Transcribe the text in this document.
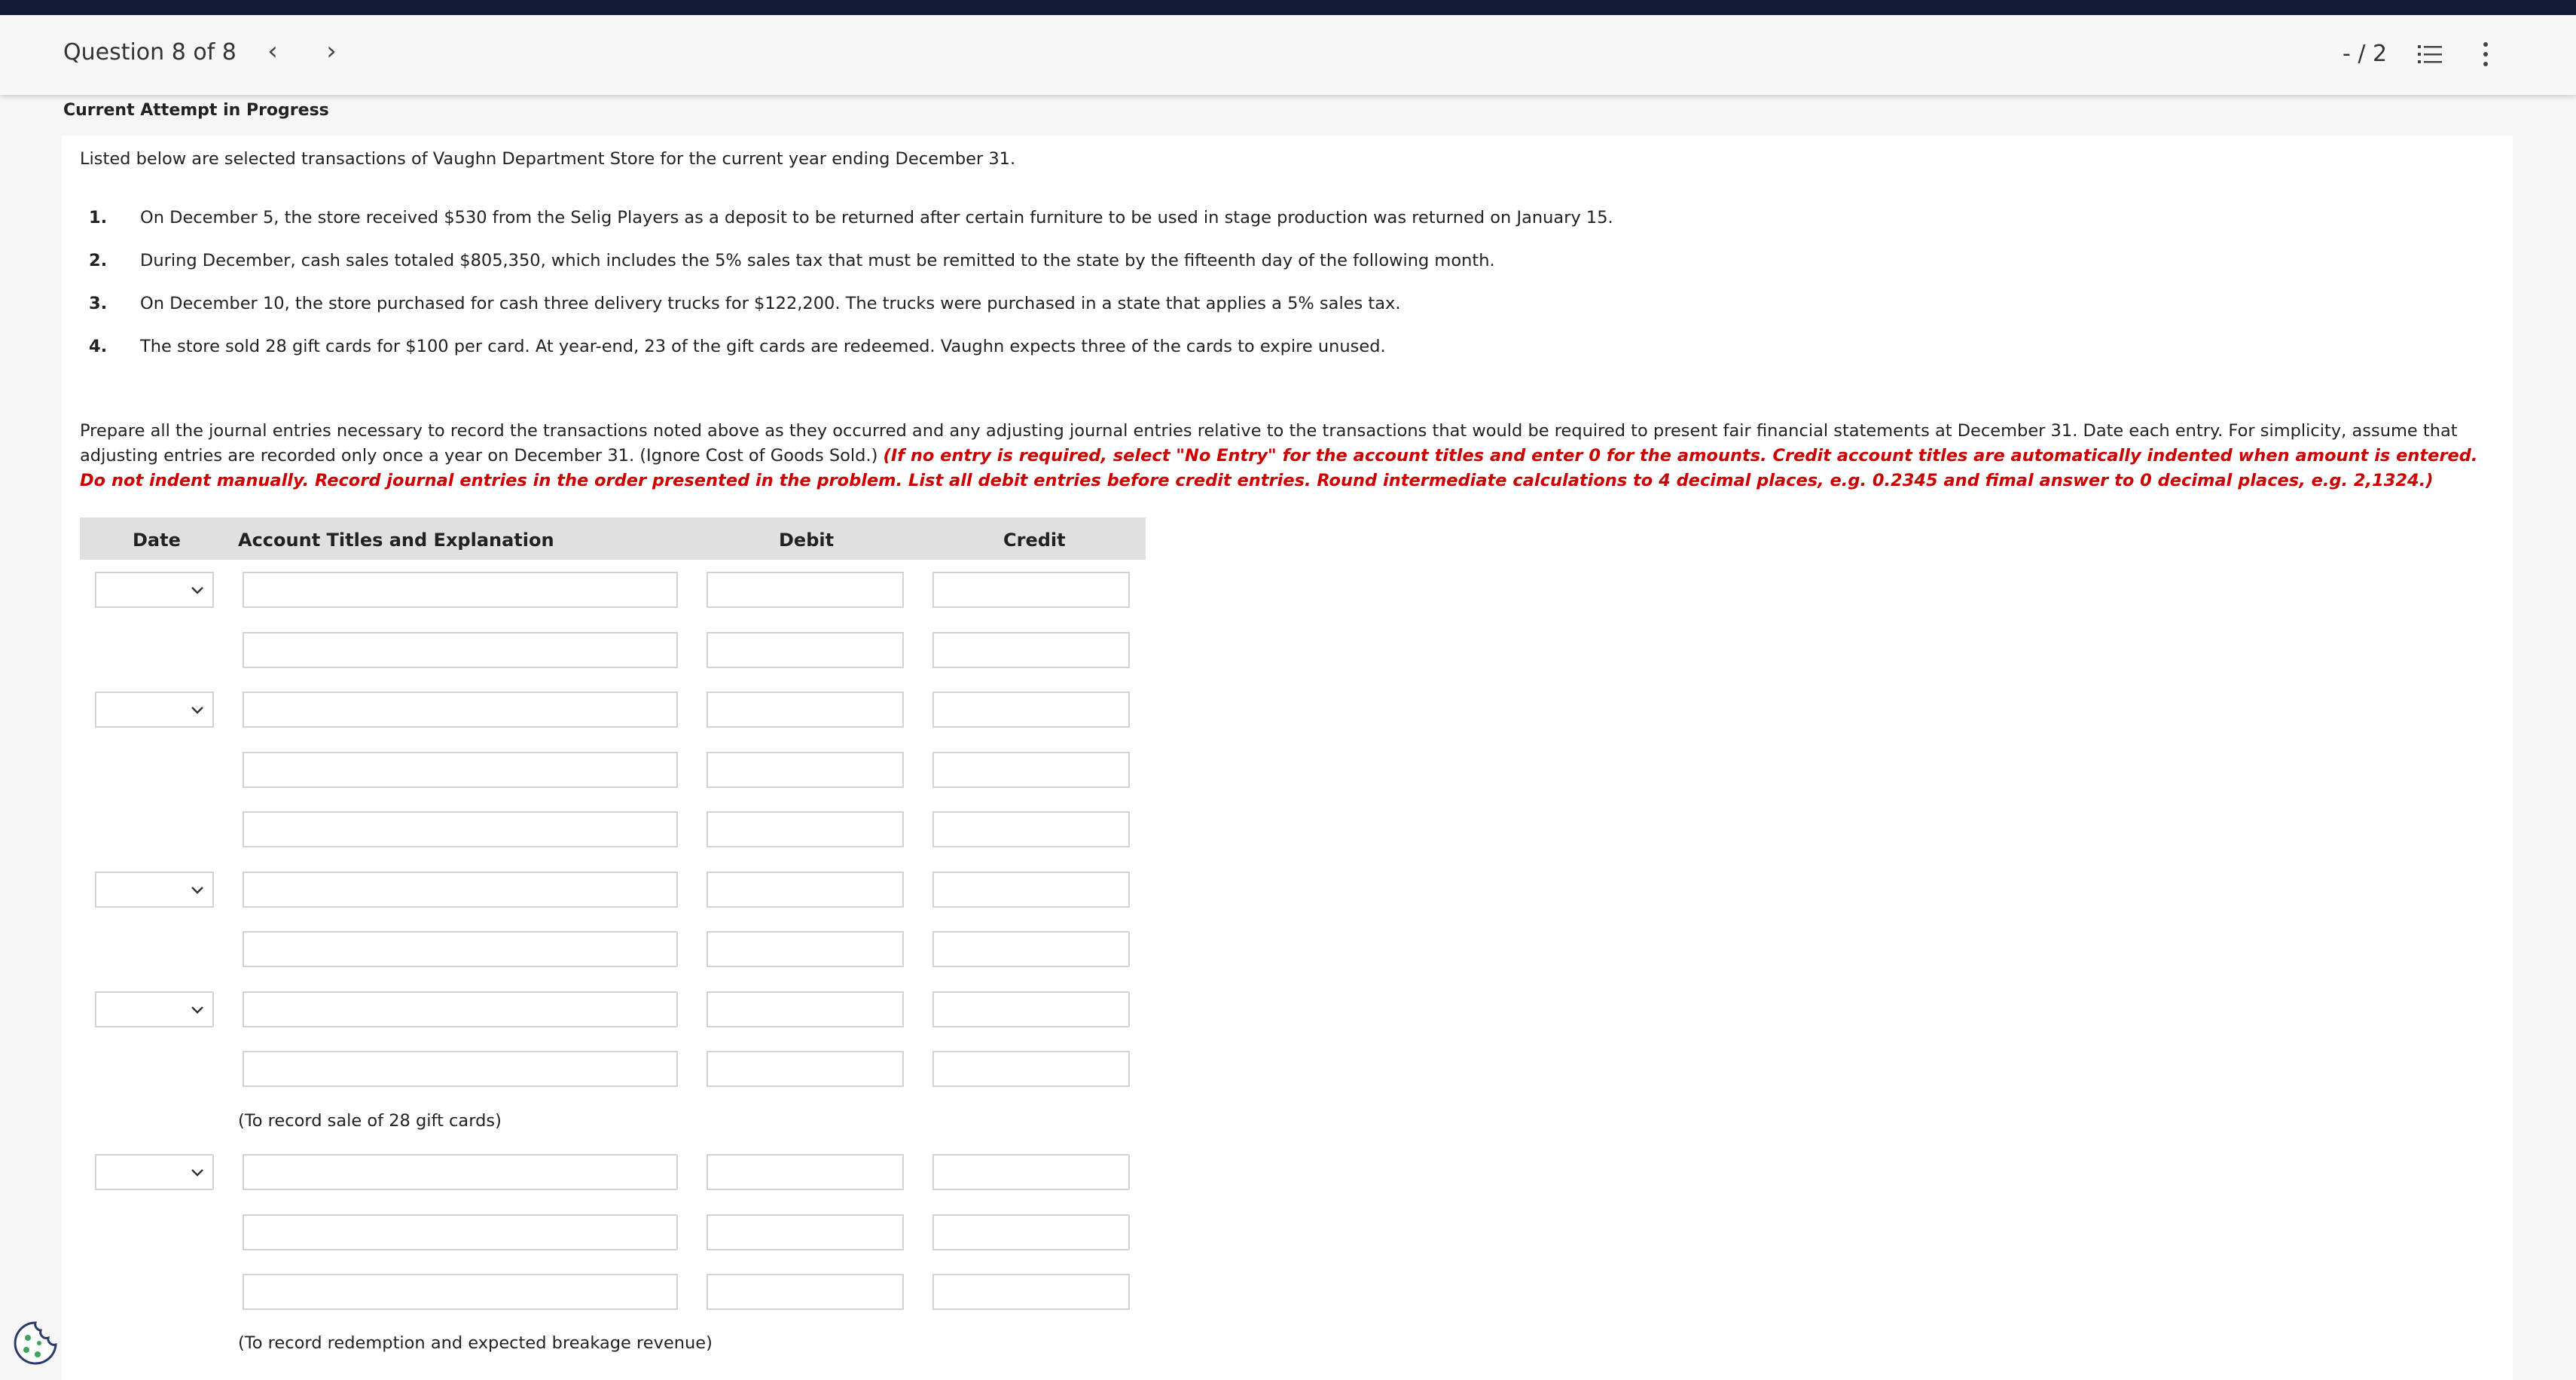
Question 8 of 8	‹	›	- / 2
Current Attempt in Progress
Listed below are selected transactions of Vaughn Department Store for the current year ending December 31.
1. On December 5, the store received $530 from the Selig Players as a deposit to be returned after certain furniture to be used in stage production was returned on January 15.
2. During December, cash sales totaled $805,350, which includes the 5% sales tax that must be remitted to the state by the fifteenth day of the following month.
3. On December 10, the store purchased for cash three delivery trucks for $122,200. The trucks were purchased in a state that applies a 5% sales tax.
4. The store sold 28 gift cards for $100 per card. At year-end, 23 of the gift cards are redeemed. Vaughn expects three of the cards to expire unused.
Prepare all the journal entries necessary to record the transactions noted above as they occurred and any adjusting journal entries relative to the transactions that would be required to present fair financial statements at December 31. Date each entry. For simplicity, assume that adjusting entries are recorded only once a year on December 31. (Ignore Cost of Goods Sold.) (If no entry is required, select "No Entry" for the account titles and enter 0 for the amounts. Credit account titles are automatically indented when amount is entered. Do not indent manually. Record journal entries in the order presented in the problem. List all debit entries before credit entries. Round intermediate calculations to 4 decimal places, e.g. 0.2345 and fimal answer to 0 decimal places, e.g. 2,1324.)
Date	Account Titles and Explanation	Debit	Credit
(To record sale of 28 gift cards)
(To record redemption and expected breakage revenue)
